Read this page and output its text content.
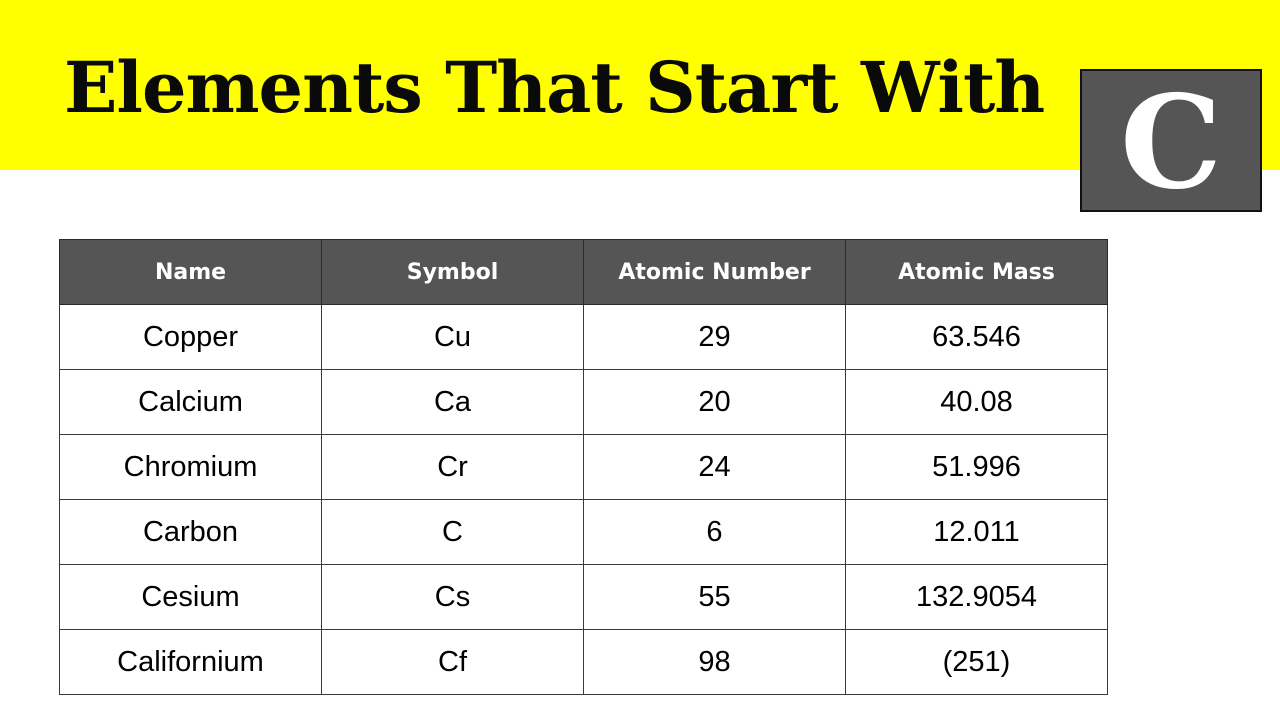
Elements That Start With C
Name	Symbol	Atomic Number	Atomic Mass
Copper	Cu	29	63.546
Calcium	Ca	20	40.08
Chromium	Cr	24	51.996
Carbon	C	6	12.011
Cesium	Cs	55	132.9054
Californium	Cf	98	(251)
